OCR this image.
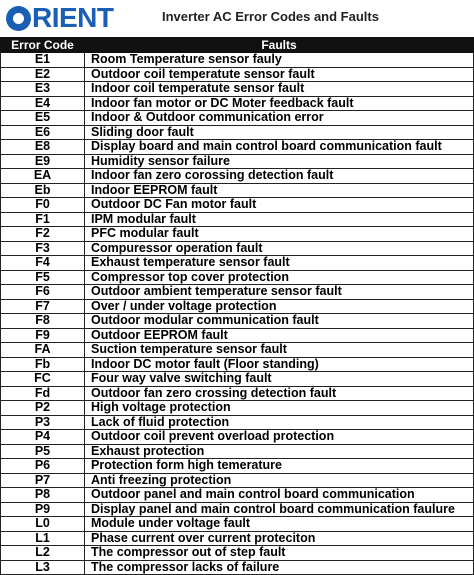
RIENT	Inverter AC Error Codes and Faults
Error Code	Faults
E1	Room Temperature sensor fauly
E2	Outdoor coil temperatute sensor fault
E3	Indoor coil temperatute sensor fault
E4	Indoor fan motor or DC Moter feedback fault
E5	Indoor & Outdoor communication error
E6	Sliding door fault
E8	Display board and main control board communication fault
E9	Humidity sensor failure
EA	Indoor fan zero corossing detection fault
Eb	Indoor EEPROM fault
F0	Outdoor DC Fan motor fault
F1	IPM modular fault
F2	PFC modular fault
F3	Compuressor operation fault
F4	Exhaust temperature sensor fault
F5	Compressor top cover protection
F6	Outdoor ambient temperature sensor fault
F7	Over / under voltage protection
F8	Outdoor modular communication fault
F9	Outdoor EEPROM fault
FA	Suction temperature sensor fault
Fb	Indoor DC motor fault (Floor standing)
FC	Four way valve switching fault
Fd	Outdoor fan zero crossing detection fault
P2	High voltage protection
P3	Lack of fluid protection
P4	Outdoor coil prevent overload protection
P5	Exhaust protection
P6	Protection form high temerature
P7	Anti freezing protection
P8	Outdoor panel and main control board communication
P9	Display panel and main control board communication faulure
L0	Module under voltage fault
L1	Phase current over current proteciton
L2	The compressor out of step fault
L3	The compressor lacks of failure
